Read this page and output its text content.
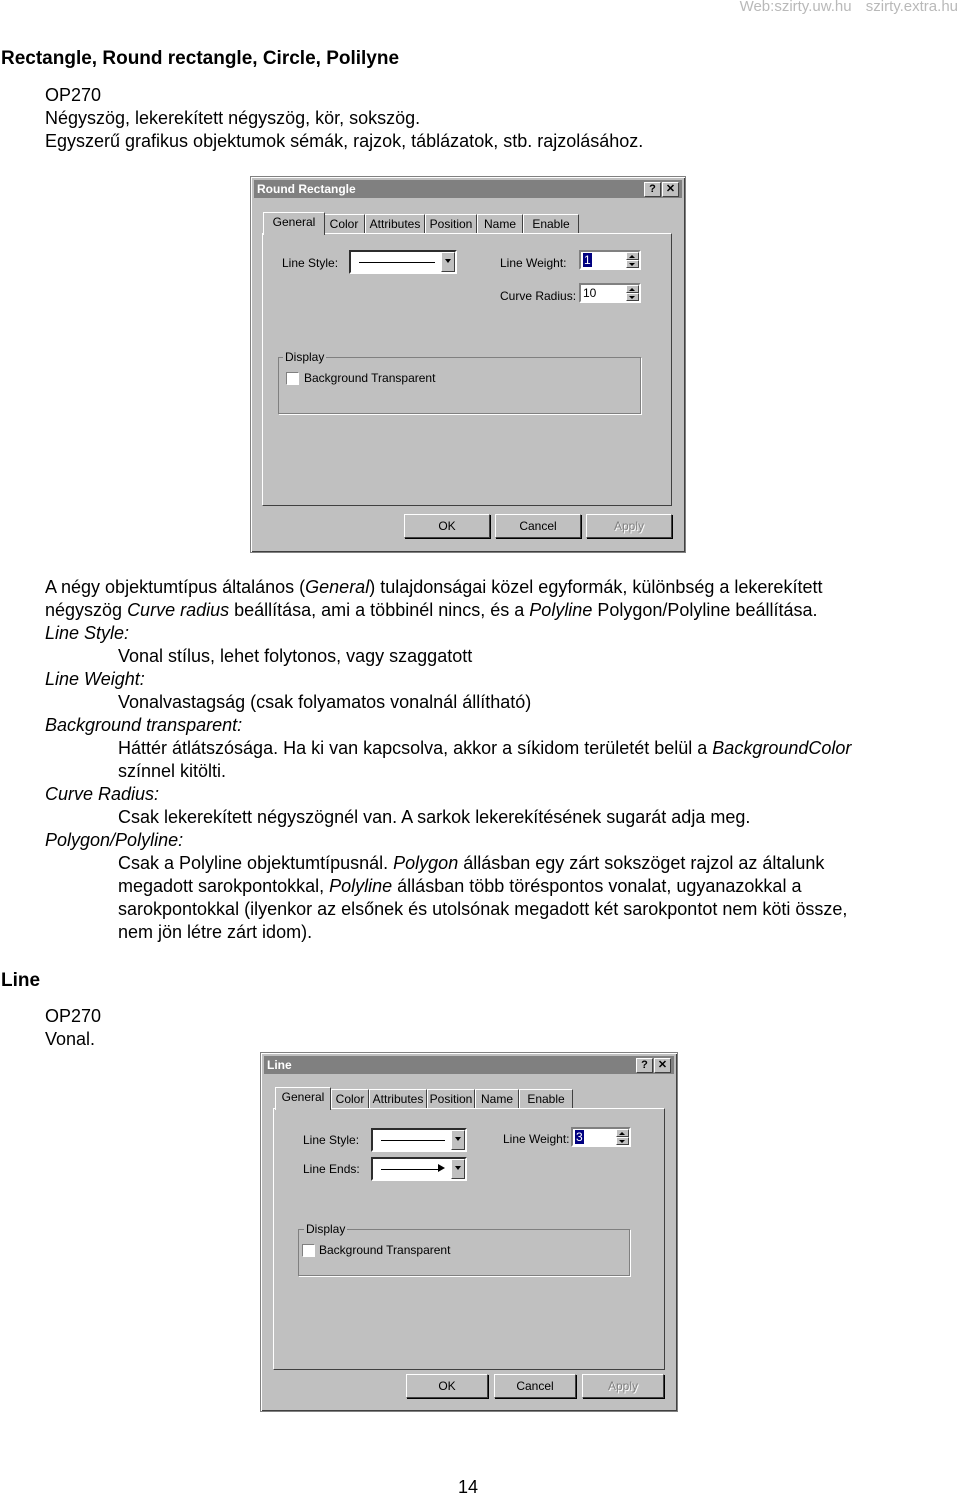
Web:szirty.uw.hu szirty.extra.hu
Rectangle, Round rectangle, Circle, Polilyne
OP270
Négyszög, lekerekített négyszög, kör, sokszög.
Egyszerű grafikus objektumok sémák, rajzok, táblázatok, stb. rajzolásához.
Round Rectangle	? ✕
General	Color Attributes Position Name	Enable
Line Style:	Line Weight:	1
Curve Radius: 10
Display
Background Transparent
OK	Cancel	Apply
A négy objektumtípus általános (General) tulajdonságai közel egyformák, különbség a lekerekített
négyszög Curve radius beállítása, ami a többinél nincs, és a Polyline Polygon/Polyline beállítása.
Line Style:
Vonal stílus, lehet folytonos, vagy szaggatott
Line Weight:
Vonalvastagság (csak folyamatos vonalnál állítható)
Background transparent:
Háttér átlátszósága. Ha ki van kapcsolva, akkor a síkidom területét belül a BackgroundColor
színnel kitölti.
Curve Radius:
Csak lekerekített négyszögnél van. A sarkok lekerekítésének sugarát adja meg.
Polygon/Polyline:
Csak a Polyline objektumtípusnál. Polygon állásban egy zárt sokszöget rajzol az általunk
megadott sarokpontokkal, Polyline állásban több töréspontos vonalat, ugyanazokkal a
sarokpontokkal (ilyenkor az elsőnek és utolsónak megadott két sarokpontot nem köti össze,
nem jön létre zárt idom).
Line
OP270
Vonal.
Line	? ✕
General Color Attributes Position Name	Enable
Line Style:	Line Weight: 3
Line Ends:
Display
Background Transparent
OK	Cancel	Apply
14
